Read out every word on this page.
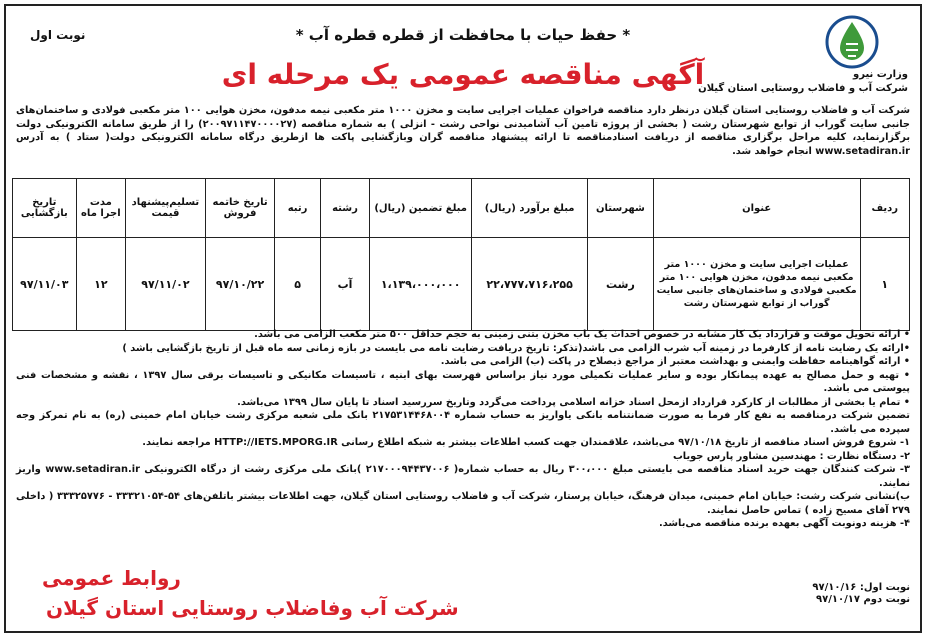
وزارت نیرو
شرکت آب و فاضلاب روستایی استان گیلان
نوبت اول	* حفظ حیات با محافظت از قطره قطره آب *
آگهی مناقصه عمومی یک مرحله ای
شرکت آب و فاضلاب روستایی استان گیلان درنظر دارد مناقصه فراخوان عملیات اجرایی سایت و مخزن ۱۰۰۰ متر مکعبی نیمه مدفون، مخزن هوایی ۱۰۰ متر مکعبی فولادی و ساختمان‌های جانبی سایت گوراب از توابع شهرستان رشت ( بخشی از پروژه تامین آب آشامیدنی نواحی رشت - انزلی ) به شماره مناقصه (۲۰۰۹۷۱۱۴۷۰۰۰۰۲۷) را از طریق سامانه الکترونیکی دولت برگزارنماید، کلیه مراحل برگزاری مناقصه از دریافت اسنادمناقصه تا ارائه پیشنهاد مناقصه گران وبازگشایی پاکت ها ازطریق درگاه سامانه الکترونیکی دولت( ستاد ) به آدرس www.setadiran.ir انجام خواهد شد.
ردیف	عنوان	شهرستان	مبلغ برآورد (ریال)	مبلغ تضمین (ریال)	رشته	رتبه	تاریخ خاتمه فروش	تسلیم‌پیشنهاد قیمت	مدت اجرا ماه	تاریخ بازگشایی
۱	عملیات اجرایی سایت و مخزن ۱۰۰۰ متر مکعبی نیمه مدفون، مخزن هوایی ۱۰۰ متر مکعبی فولادی و ساختمان‌های جانبی سایت گوراب از توابع شهرستان رشت	رشت	۲۲،۷۷۷،۷۱۶،۲۵۵	۱،۱۳۹،۰۰۰،۰۰۰	آب	۵	۹۷/۱۰/۲۲	۹۷/۱۱/۰۲	۱۲	۹۷/۱۱/۰۳

• ارائه تحویل موقت و قرارداد یک کار مشابه در خصوص احداث یک باب مخزن بتنی زمینی به حجم حداقل ۵۰۰ متر مکعب الزامی می باشد.

•ارائه یک رضایت نامه از کارفرما در زمینه آب شرب الزامی می باشد(تذکر: تاریخ دریافت رضایت نامه می بایست در بازه زمانی سه ماه قبل از تاریخ بازگشایی باشد )

• ارائه گواهینامه حفاظت وایمنی و بهداشت معتبر از مراجع ذیصلاح در پاکت (ب) الزامی می باشد.

• تهیه و حمل مصالح به عهده پیمانکار بوده و سایر عملیات تکمیلی مورد نیاز براساس فهرست بهای ابنیه ، تاسیسات مکانیکی و تاسیسات برقی سال ۱۳۹۷ ، نقشه و مشخصات فنی پیوستی می باشد.

• تمام یا بخشی از مطالبات از کارکرد قرارداد ازمحل اسناد خزانه اسلامی پرداخت می‌گردد وتاریخ سررسید اسناد تا پایان سال ۱۳۹۹ می‌باشد.

تضمین شرکت درمناقصه به نفع کار فرما به صورت ضمانتنامه بانکی یاواریز به حساب شماره ۲۱۷۵۳۱۴۴۶۸۰۰۴ بانک ملی شعبه مرکزی رشت خیابان امام خمینی (ره) به نام تمرکز وجه سپرده می باشد.

۱- شروع فروش اسناد مناقصه از تاریخ ۹۷/۱۰/۱۸ می‌باشد، علاقمندان جهت کسب اطلاعات بیشتر به شبکه اطلاع رسانی HTTP://IETS.MPORG.IR مراجعه نمایند.

۲- دستگاه نظارت : مهندسین مشاور پارس جویاب

۳- شرکت کنندگان جهت خرید اسناد مناقصه می بایستی مبلغ ۳۰۰،۰۰۰ ریال به حساب شماره( ۲۱۷۰۰۰۹۴۴۳۷۰۰۶ )بانک ملی مرکزی رشت از درگاه الکترونیکی www.setadiran.ir واریز نمایند.

ب)نشانی شرکت رشت: خیابان امام خمینی، میدان فرهنگ، خیابان پرستار، شرکت آب و فاضلاب روستایی استان گیلان، جهت اطلاعات بیشتر باتلفن‌های ۵۴-۳۳۳۲۱۰۵۴ - ۳۳۳۲۵۷۷۶ ( داخلی ۲۷۹ آقای مسیح زاده ) تماس حاصل نمایند.

۴- هزینه دونوبت آگهی بعهده برنده مناقصه می‌باشد.

نوبت اول: ۹۷/۱۰/۱۶

نوبت دوم ۹۷/۱۰/۱۷

روابط عمومی
شرکت آب وفاضلاب روستایی استان گیلان
